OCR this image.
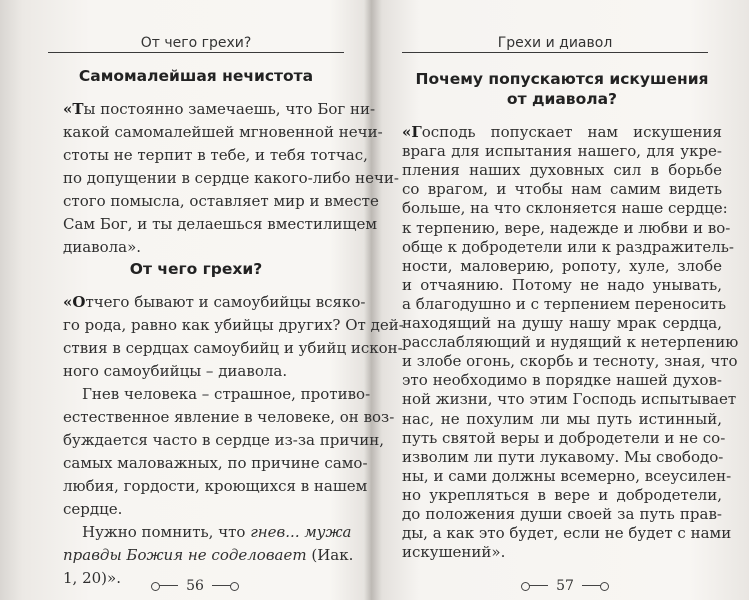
От чего грехи?
Самомалейшая нечистота
«Ты постоянно замечаешь, что Бог ни-
какой самомалейшей мгновенной нечи-
стоты не терпит в тебе, и тебя тотчас,
по допущении в сердце какого-либо нечи-
стого помысла, оставляет мир и вместе
Сам Бог, и ты делаешься вместилищем
диавола».
От чего грехи?
«Отчего бывают и самоубийцы всяко-
го рода, равно как убийцы других? От дей-
ствия в сердцах самоубийц и убийц искон-
ного самоубийцы – диавола.
Гнев человека – страшное, противо-
естественное явление в человеке, он воз-
буждается часто в сердце из-за причин,
самых маловажных, по причине само-
любия, гордости, кроющихся в нашем
сердце.
Нужно помнить, что гнев... мужа
правды Божия не соделовает (Иак.
1, 20)».	56
Грехи и диавол
Почему попускаются искушения
от диавола?
«Господь попускает нам искушения
врага для испытания нашего, для укре-
пления наших духовных сил в борьбе
со врагом, и чтобы нам самим видеть
больше, на что склоняется наше сердце:
к терпению, вере, надежде и любви и во-
обще к добродетели или к раздражитель-
ности, маловерию, ропоту, хуле, злобе
и отчаянию. Потому не надо унывать,
а благодушно и с терпением переносить
находящий на душу нашу мрак сердца,
расслабляющий и нудящий к нетерпению
и злобе огонь, скорбь и тесноту, зная, что
это необходимо в порядке нашей духов-
ной жизни, что этим Господь испытывает
нас, не похулим ли мы путь истинный,
путь святой веры и добродетели и не со-
изволим ли пути лукавому. Мы свободо-
ны, и сами должны всемерно, всеусилен-
но укрепляться в вере и добродетели,
до положения души своей за путь прав-
ды, а как это будет, если не будет с нами
искушений».
57
